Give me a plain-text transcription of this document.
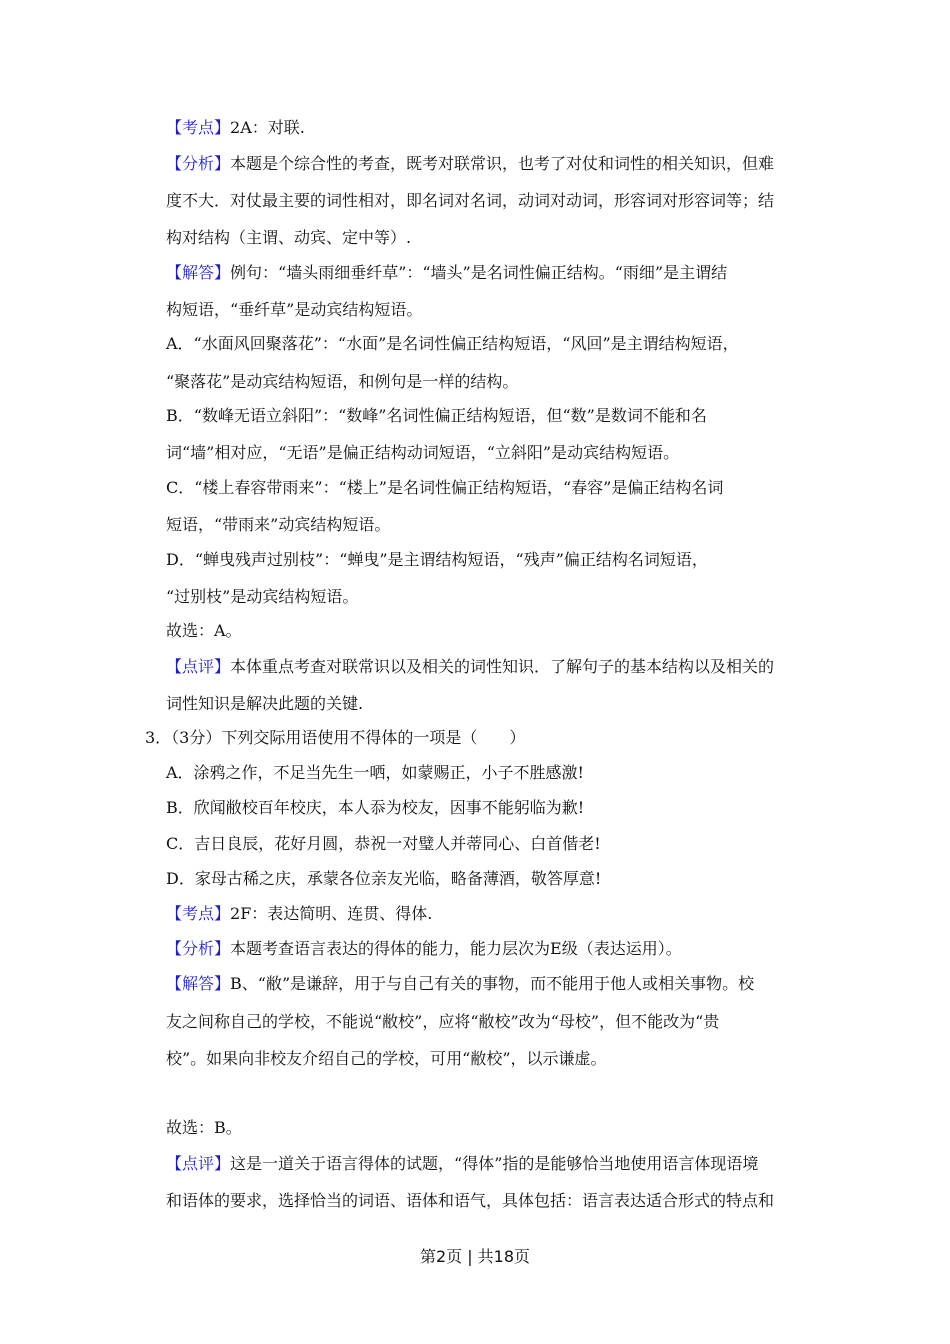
【考点】2A：对联.
【分析】本题是个综合性的考查，既考对联常识，也考了对仗和词性的相关知识，但难
度不大．对仗最主要的词性相对，即名词对名词，动词对动词，形容词对形容词等；结
构对结构（主谓、动宾、定中等）.
【解答】例句：“墙头雨细垂纤草”：“墙头”是名词性偏正结构。“雨细”是主谓结
构短语，“垂纤草”是动宾结构短语。
A．“水面风回聚落花”：“水面”是名词性偏正结构短语，“风回”是主谓结构短语，
“聚落花”是动宾结构短语，和例句是一样的结构。
B．“数峰无语立斜阳”：“数峰”名词性偏正结构短语，但“数”是数词不能和名
词“墙”相对应，“无语”是偏正结构动词短语，“立斜阳”是动宾结构短语。
C．“楼上春容带雨来”：“楼上”是名词性偏正结构短语，“春容”是偏正结构名词
短语，“带雨来”动宾结构短语。
D．“蝉曳残声过别枝”：“蝉曳”是主谓结构短语，“残声”偏正结构名词短语，
“过别枝”是动宾结构短语。
故选：A。
【点评】本体重点考查对联常识以及相关的词性知识．了解句子的基本结构以及相关的
词性知识是解决此题的关键.
3．（3分）下列交际用语使用不得体的一项是（　　）
A．涂鸦之作，不足当先生一哂，如蒙赐正，小子不胜感激!
B．欣闻敝校百年校庆，本人忝为校友，因事不能躬临为歉!
C．吉日良辰，花好月圆，恭祝一对璧人并蒂同心、白首偕老!
D．家母古稀之庆，承蒙各位亲友光临，略备薄酒，敬答厚意!
【考点】2F：表达简明、连贯、得体.
【分析】本题考查语言表达的得体的能力，能力层次为E级（表达运用）。
【解答】B、“敝”是谦辞，用于与自己有关的事物，而不能用于他人或相关事物。校
友之间称自己的学校，不能说“敝校”，应将“敝校”改为“母校”，但不能改为“贵
校”。如果向非校友介绍自己的学校，可用“敝校”，以示谦虚。
故选：B。
【点评】这是一道关于语言得体的试题，“得体”指的是能够恰当地使用语言体现语境
和语体的要求，选择恰当的词语、语体和语气，具体包括：语言表达适合形式的特点和
第2页 | 共18页
